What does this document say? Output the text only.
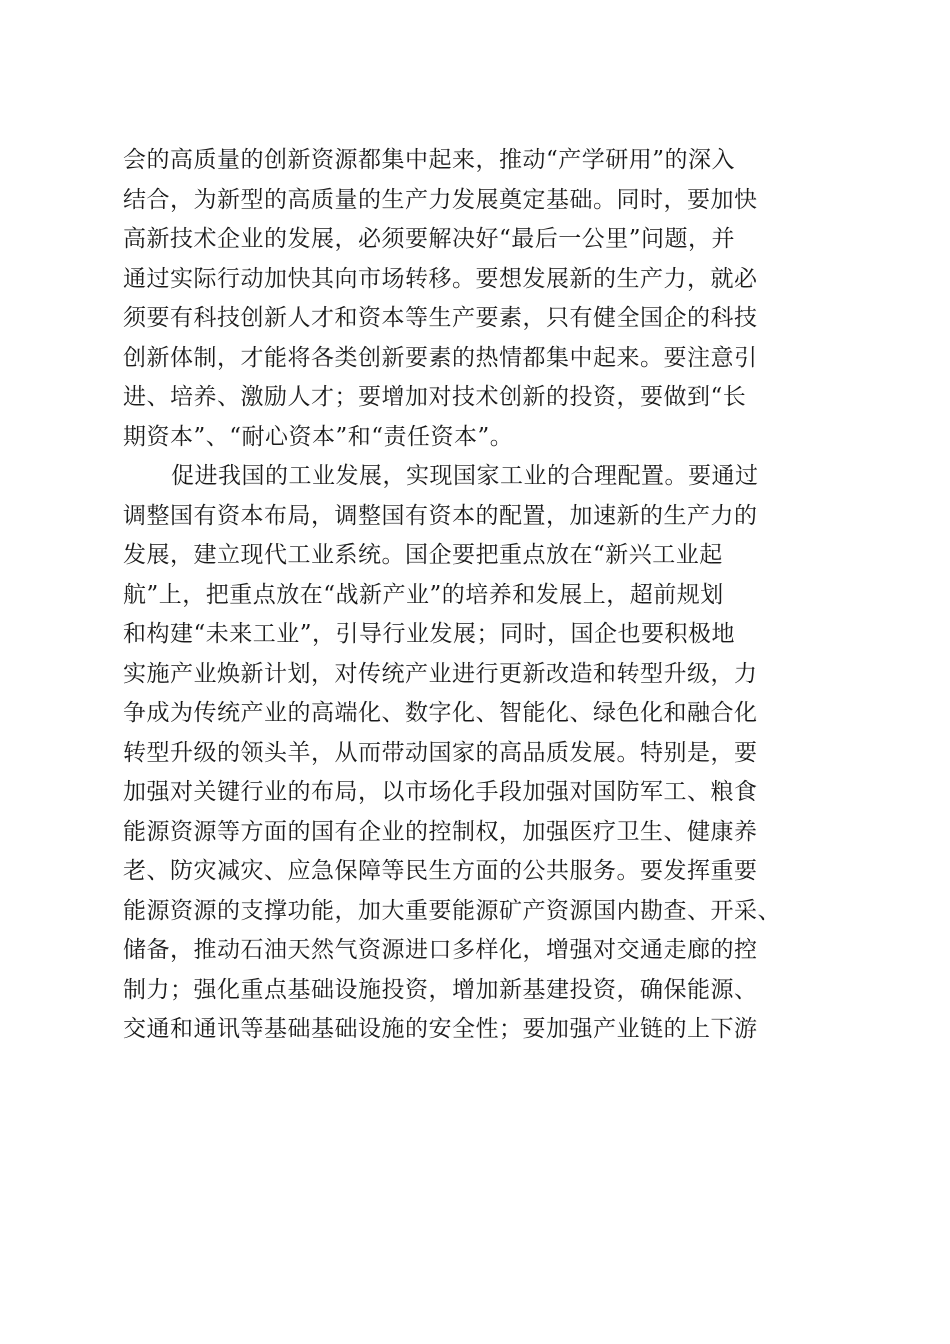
会的高质量的创新资源都集中起来，推动“产学研用”的深入
结合，为新型的高质量的生产力发展奠定基础。同时，要加快
高新技术企业的发展，必须要解决好“最后一公里”问题，并
通过实际行动加快其向市场转移。要想发展新的生产力，就必
须要有科技创新人才和资本等生产要素，只有健全国企的科技
创新体制，才能将各类创新要素的热情都集中起来。要注意引
进、培养、激励人才；要增加对技术创新的投资，要做到“长
期资本”、“耐心资本”和“责任资本”。
促进我国的工业发展，实现国家工业的合理配置。要通过
调整国有资本布局，调整国有资本的配置，加速新的生产力的
发展，建立现代工业系统。国企要把重点放在“新兴工业起
航”上，把重点放在“战新产业”的培养和发展上，超前规划
和构建“未来工业”，引导行业发展；同时，国企也要积极地
实施产业焕新计划，对传统产业进行更新改造和转型升级，力
争成为传统产业的高端化、数字化、智能化、绿色化和融合化
转型升级的领头羊，从而带动国家的高品质发展。特别是，要
加强对关键行业的布局，以市场化手段加强对国防军工、粮食
能源资源等方面的国有企业的控制权，加强医疗卫生、健康养
老、防灾减灾、应急保障等民生方面的公共服务。要发挥重要
能源资源的支撑功能，加大重要能源矿产资源国内勘查、开采、
储备，推动石油天然气资源进口多样化，增强对交通走廊的控
制力；强化重点基础设施投资，增加新基建投资，确保能源、
交通和通讯等基础基础设施的安全性；要加强产业链的上下游
